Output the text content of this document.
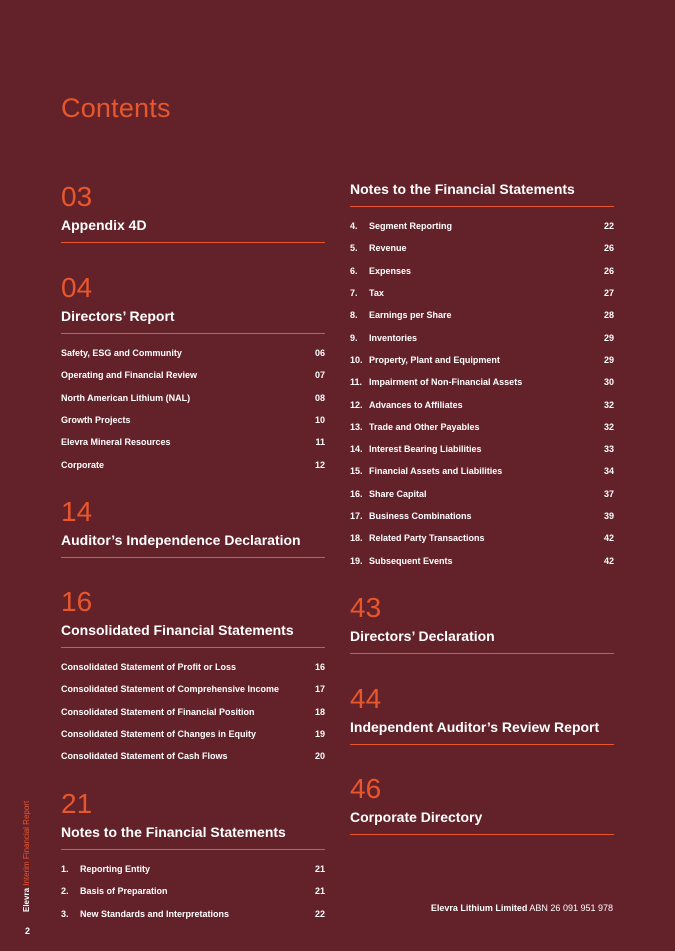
Contents
03
Appendix 4D
04
Directors’ Report
Safety, ESG and Community	06
Operating and Financial Review	07
North American Lithium (NAL)	08
Growth Projects	10
Elevra Mineral Resources	11
Corporate	12
14
Auditor’s Independence Declaration
16
Consolidated Financial Statements
Consolidated Statement of Profit or Loss	16
Consolidated Statement of Comprehensive Income	17
Consolidated Statement of Financial Position	18
Consolidated Statement of Changes in Equity	19
Consolidated Statement of Cash Flows	20
21
Notes to the Financial Statements
1.	Reporting Entity	21
2.	Basis of Preparation	21
3.	New Standards and Interpretations	22
Notes to the Financial Statements
4.	Segment Reporting	22
5.	Revenue	26
6.	Expenses	26
7.	Tax	27
8.	Earnings per Share	28
9.	Inventories	29
10. Property, Plant and Equipment	29
11. Impairment of Non-Financial Assets	30
12. Advances to Affiliates	32
13. Trade and Other Payables	32
14. Interest Bearing Liabilities	33
15. Financial Assets and Liabilities	34
16. Share Capital	37
17. Business Combinations	39
18. Related Party Transactions	42
19. Subsequent Events	42
43
Directors’ Declaration
44
Independent Auditor’s Review Report
46
Corporate Directory
Elevra Interim Financial Report
2
Elevra Lithium Limited ABN 26 091 951 978
